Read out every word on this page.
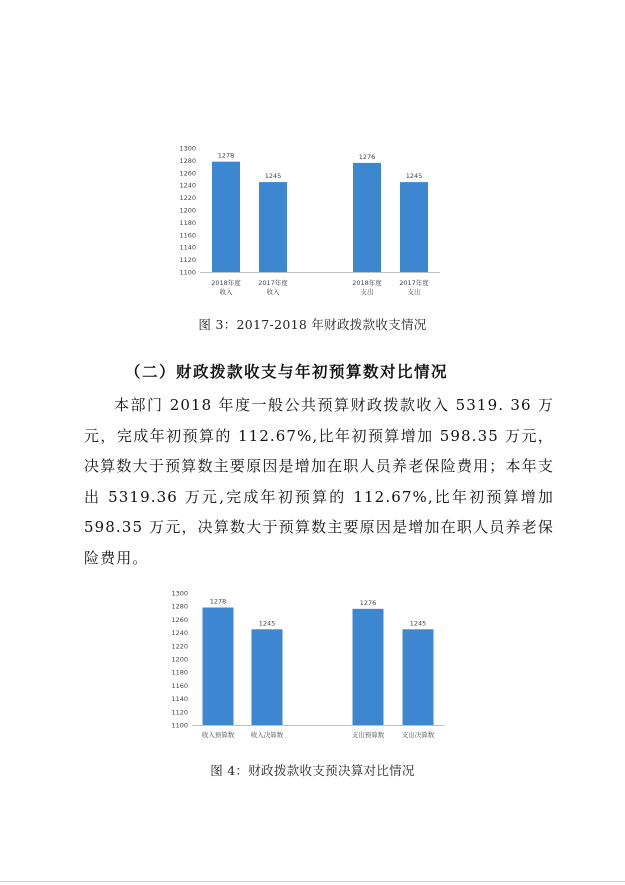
1100
1120
1140
1160
1180
1200
1220
1240
1260
1280
1300
1278
2018年度
收入
1245
2017年度
收入
1276
2018年度
支出
1245
2017年度
支出
图 3：2017-2018 年财政拨款收支情况
（二）财政拨款收支与年初预算数对比情况

本部门 2018 年度一般公共预算财政拨款收入 5319. 36 万元，完成年初预算的 112.67%,比年初预算增加 598.35 万元，决算数大于预算数主要原因是增加在职人员养老保险费用；本年支出 5319.36 万元,完成年初预算的 112.67%,比年初预算增加 598.35 万元，决算数大于预算数主要原因是增加在职人员养老保险费用。

1100
1120
1140
1160
1180
1200
1220
1240
1260
1280
1300
1278
收入预算数
1245
收入决算数
1276
支出预算数
1245
支出决算数
图 4：财政拨款收支预决算对比情况
